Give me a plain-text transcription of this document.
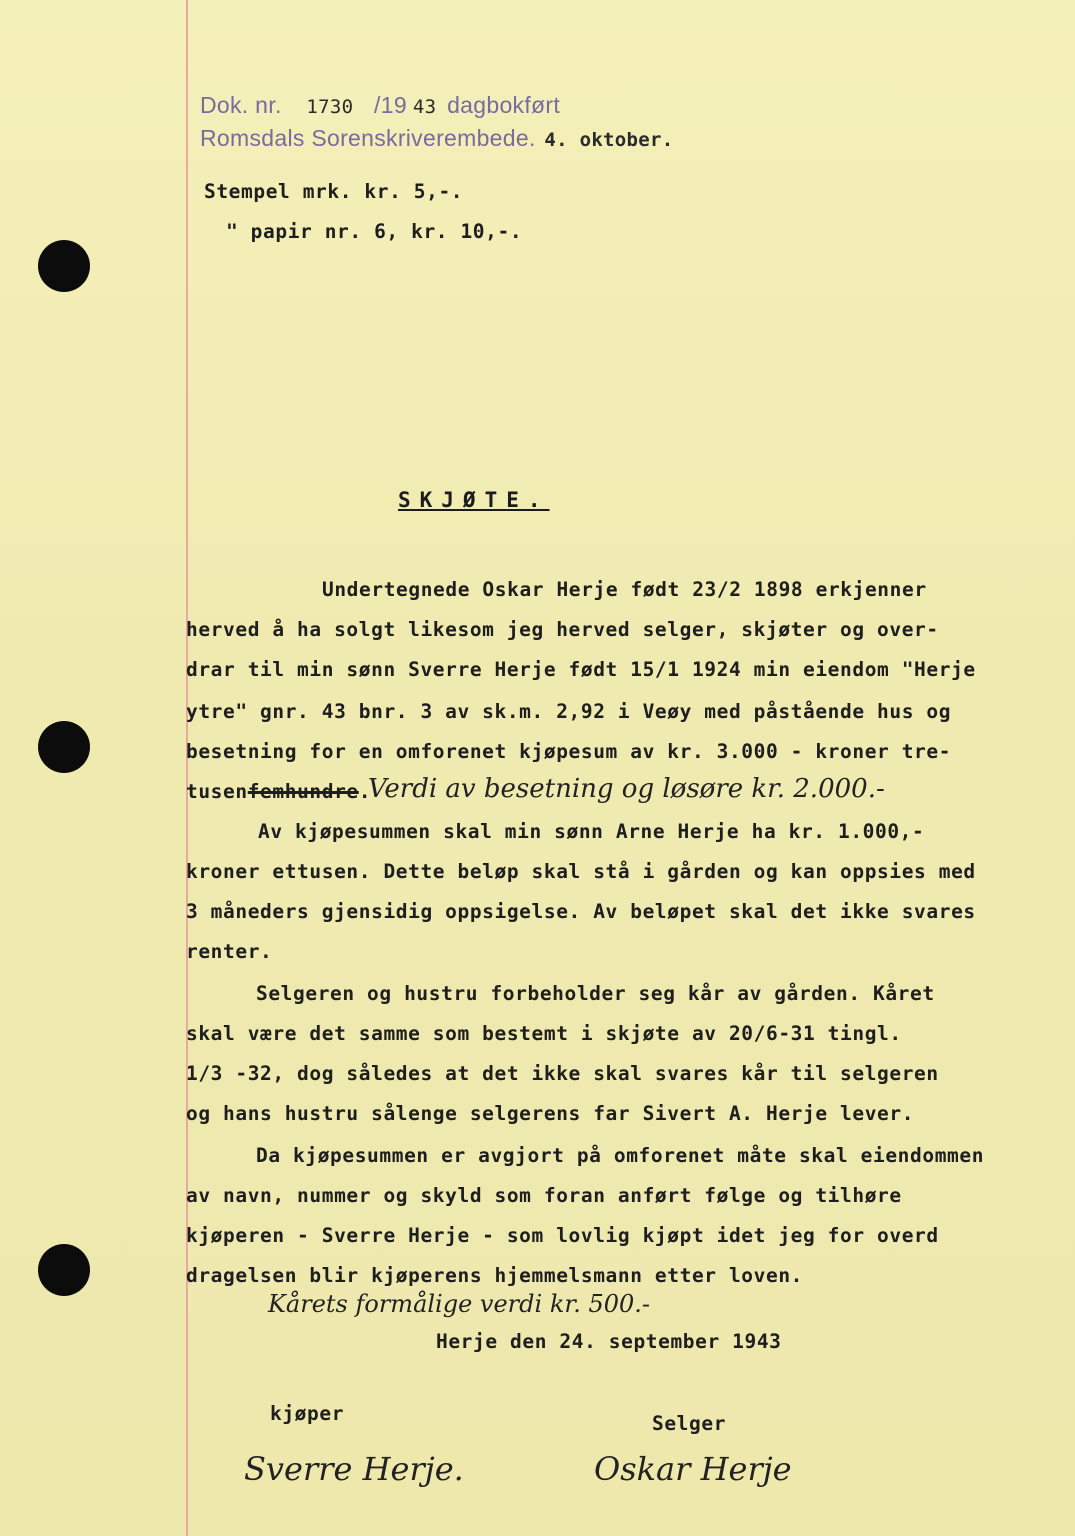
Dok. nr. 1730 /19 43 dagbokført
Romsdals Sorenskriverembede. 4. oktober.
Stempel mrk. kr. 5,-.
" papir nr. 6, kr. 10,-.
SKJØTE.
Undertegnede Oskar Herje født 23/2 1898 erkjenner
herved å ha solgt likesom jeg herved selger, skjøter og over-
drar til min sønn Sverre Herje født 15/1 1924 min eiendom "Herje
ytre" gnr. 43 bnr. 3 av sk.m. 2,92 i Veøy med påstående hus og
besetning for en omforenet kjøpesum av kr. 3.000 - kroner tre-
tusenfemhundre.
Verdi av besetning og løsøre kr. 2.000.-
Av kjøpesummen skal min sønn Arne Herje ha kr. 1.000,-
kroner ettusen. Dette beløp skal stå i gården og kan oppsies med
3 måneders gjensidig oppsigelse. Av beløpet skal det ikke svares
renter.
Selgeren og hustru forbeholder seg kår av gården. Kåret
skal være det samme som bestemt i skjøte av 20/6-31 tingl.
1/3 -32, dog således at det ikke skal svares kår til selgeren
og hans hustru sålenge selgerens far Sivert A. Herje lever.
Da kjøpesummen er avgjort på omforenet måte skal eiendommen
av navn, nummer og skyld som foran anført følge og tilhøre
kjøperen - Sverre Herje - som lovlig kjøpt idet jeg for overd
dragelsen blir kjøperens hjemmelsmann etter loven.
Kårets formålige verdi kr. 500.-
Herje den 24. september 1943
kjøper	Selger
Sverre Herje.	Oskar Herje
